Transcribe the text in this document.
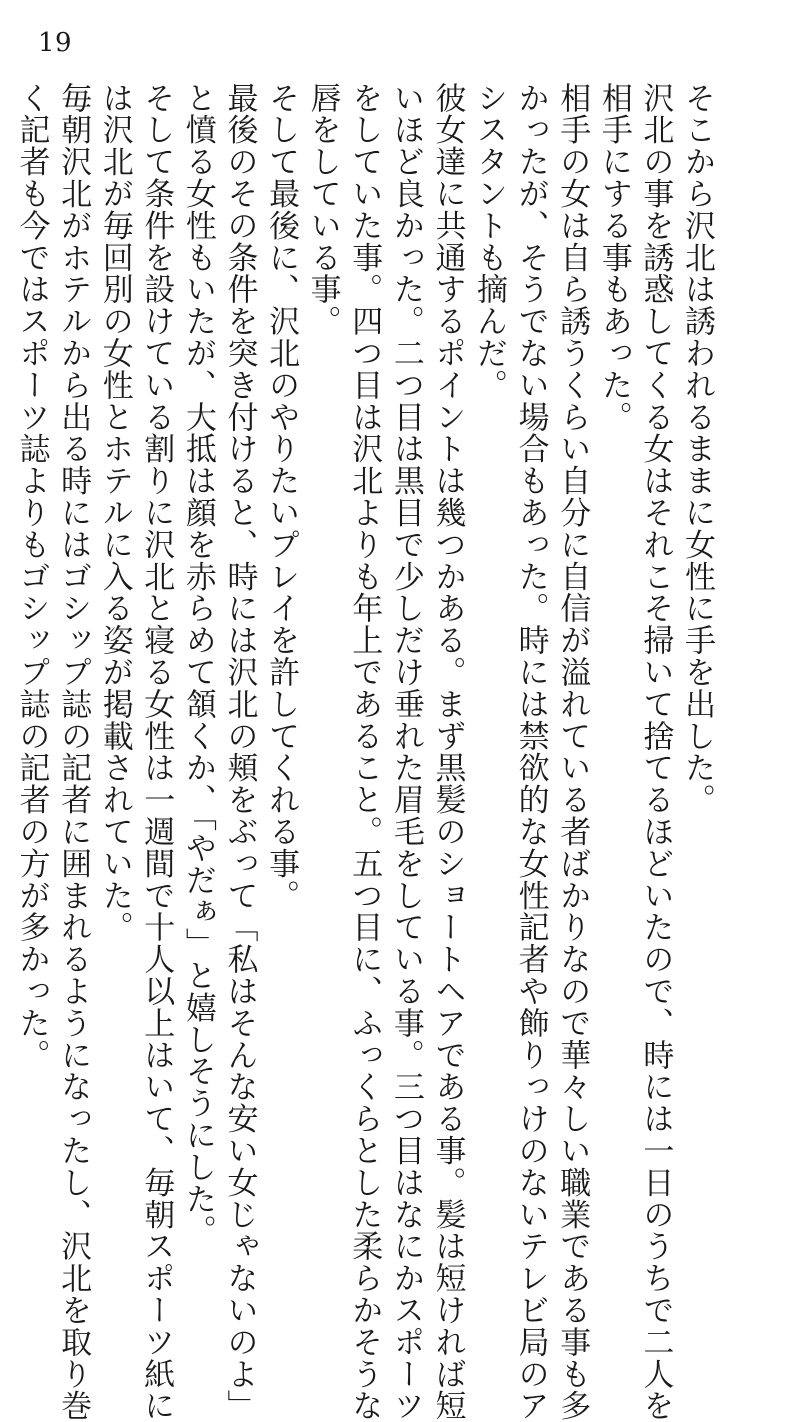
19

そこから沢北は誘われるままに女性に手を出した。

沢北の事を誘惑してくる女はそれこそ掃いて捨てるほどいたので、時には一日のうちで二人を

相手にする事もあった。

相手の女は自ら誘うくらい自分に自信が溢れている者ばかりなので華々しい職業である事も多

かったが、そうでない場合もあった。時には禁欲的な女性記者や飾りっけのないテレビ局のア

シスタントも摘んだ。

彼女達に共通するポイントは幾つかある。まず黒髪のショートヘアである事。髪は短ければ短

いほど良かった。二つ目は黒目で少しだけ垂れた眉毛をしている事。三つ目はなにかスポーツ

をしていた事。四つ目は沢北よりも年上であること。五つ目に、ふっくらとした柔らかそうな

唇をしている事。

そして最後に、沢北のやりたいプレイを許してくれる事。

最後のその条件を突き付けると、時には沢北の頬をぶって「私はそんな安い女じゃないのよ」

と憤る女性もいたが、大抵は顔を赤らめて頷くか、「やだぁ」と嬉しそうにした。

そして条件を設けている割りに沢北と寝る女性は一週間で十人以上はいて、毎朝スポーツ紙に

は沢北が毎回別の女性とホテルに入る姿が掲載されていた。

毎朝沢北がホテルから出る時にはゴシップ誌の記者に囲まれるようになったし、沢北を取り巻

く記者も今ではスポーツ誌よりもゴシップ誌の記者の方が多かった。
